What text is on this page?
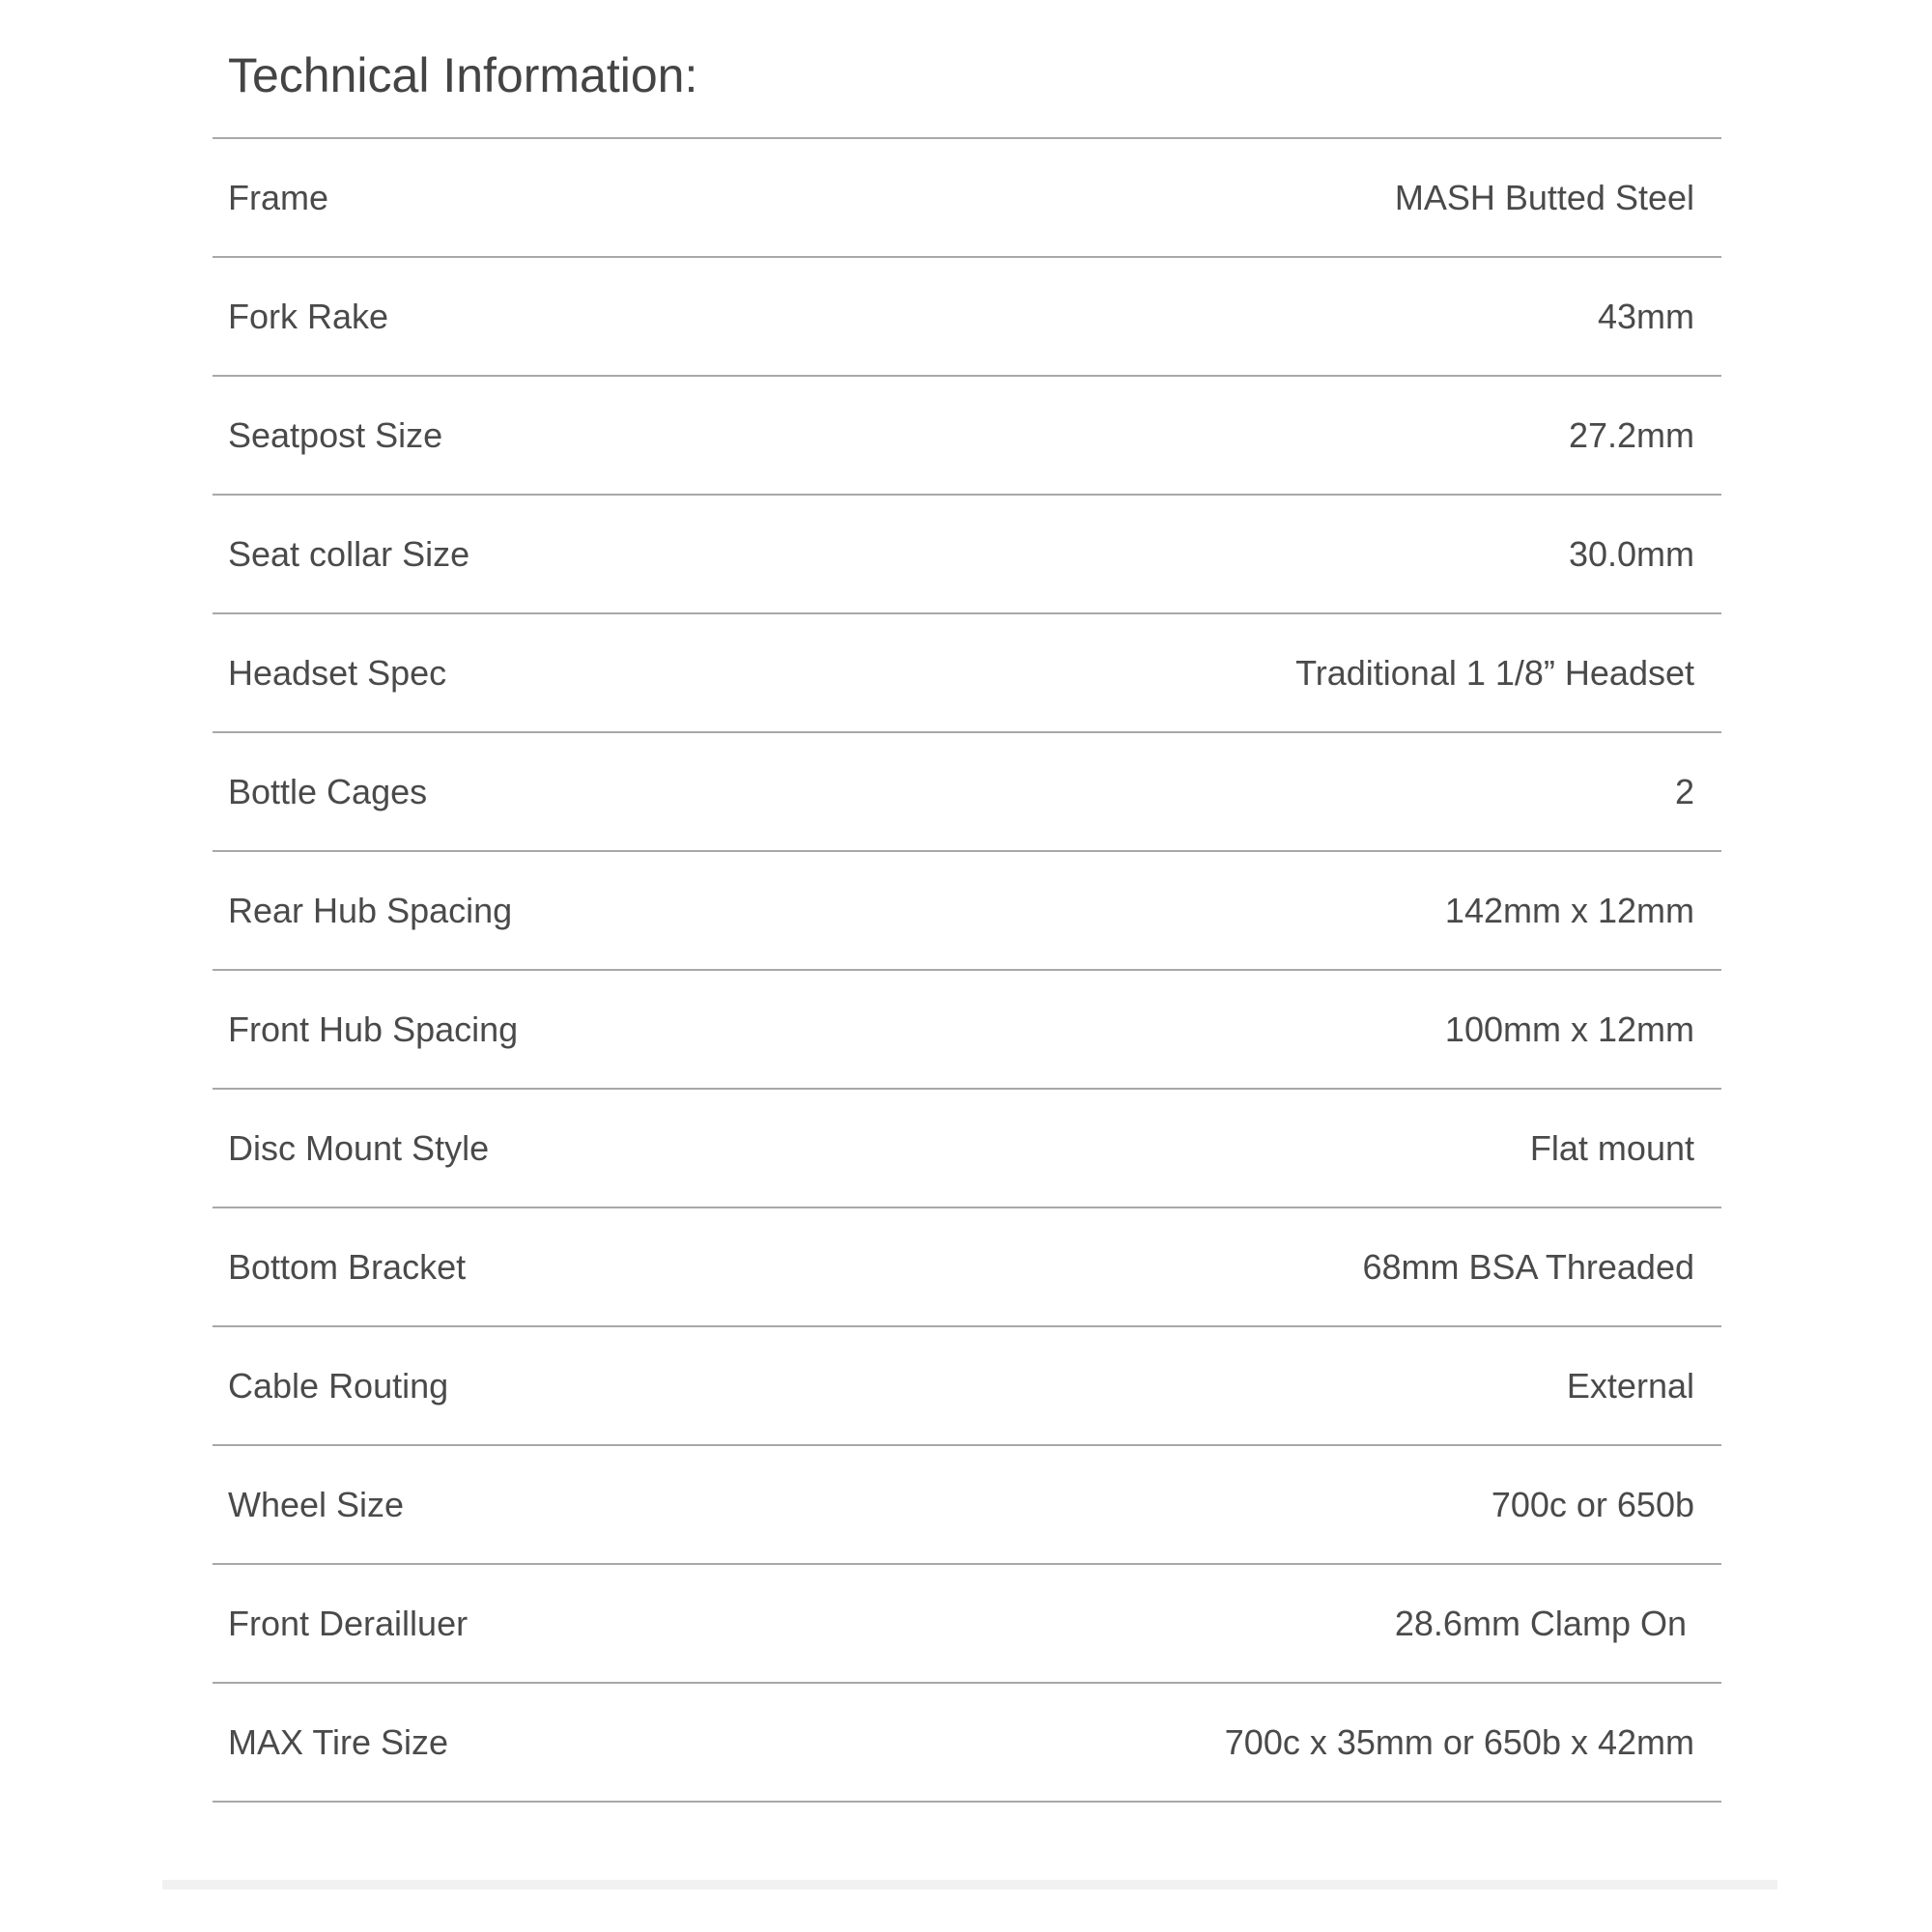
Technical Information:
Frame	MASH Butted Steel
Fork Rake	43mm
Seatpost Size	27.2mm
Seat collar Size	30.0mm
Headset Spec	Traditional 1 1/8” Headset
Bottle Cages	2
Rear Hub Spacing	142mm x 12mm
Front Hub Spacing	100mm x 12mm
Disc Mount Style	Flat mount
Bottom Bracket	68mm BSA Threaded
Cable Routing	External
Wheel Size	700c or 650b
Front Derailluer	28.6mm Clamp On
MAX Tire Size	700c x 35mm or 650b x 42mm
